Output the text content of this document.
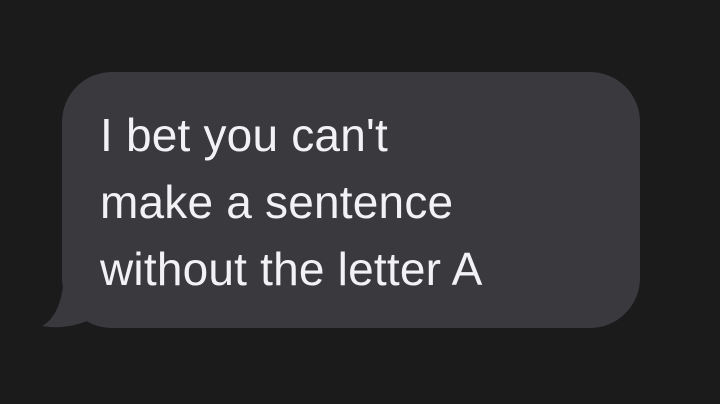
I bet you can't
make a sentence
without the letter A
